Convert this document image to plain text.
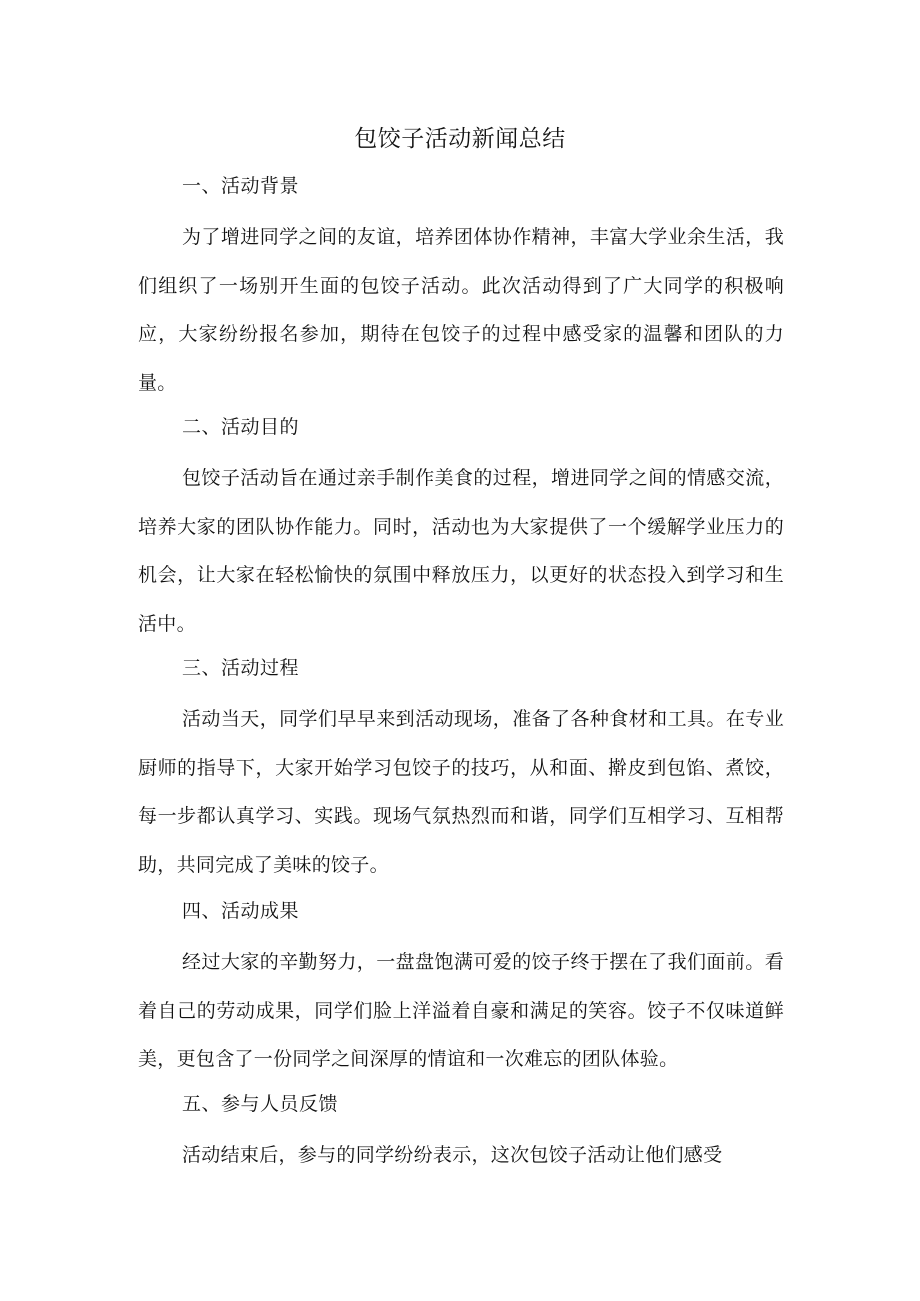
包饺子活动新闻总结
一、活动背景

为了增进同学之间的友谊，培养团体协作精神，丰富大学业余生活，我们组织了一场别开生面的包饺子活动。此次活动得到了广大同学的积极响应，大家纷纷报名参加，期待在包饺子的过程中感受家的温馨和团队的力量。

二、活动目的

包饺子活动旨在通过亲手制作美食的过程，增进同学之间的情感交流，培养大家的团队协作能力。同时，活动也为大家提供了一个缓解学业压力的机会，让大家在轻松愉快的氛围中释放压力，以更好的状态投入到学习和生活中。

三、活动过程

活动当天，同学们早早来到活动现场，准备了各种食材和工具。在专业厨师的指导下，大家开始学习包饺子的技巧，从和面、擀皮到包馅、煮饺，每一步都认真学习、实践。现场气氛热烈而和谐，同学们互相学习、互相帮助，共同完成了美味的饺子。

四、活动成果

经过大家的辛勤努力，一盘盘饱满可爱的饺子终于摆在了我们面前。看着自己的劳动成果，同学们脸上洋溢着自豪和满足的笑容。饺子不仅味道鲜美，更包含了一份同学之间深厚的情谊和一次难忘的团队体验。

五、参与人员反馈

活动结束后，参与的同学纷纷表示，这次包饺子活动让他们感受
